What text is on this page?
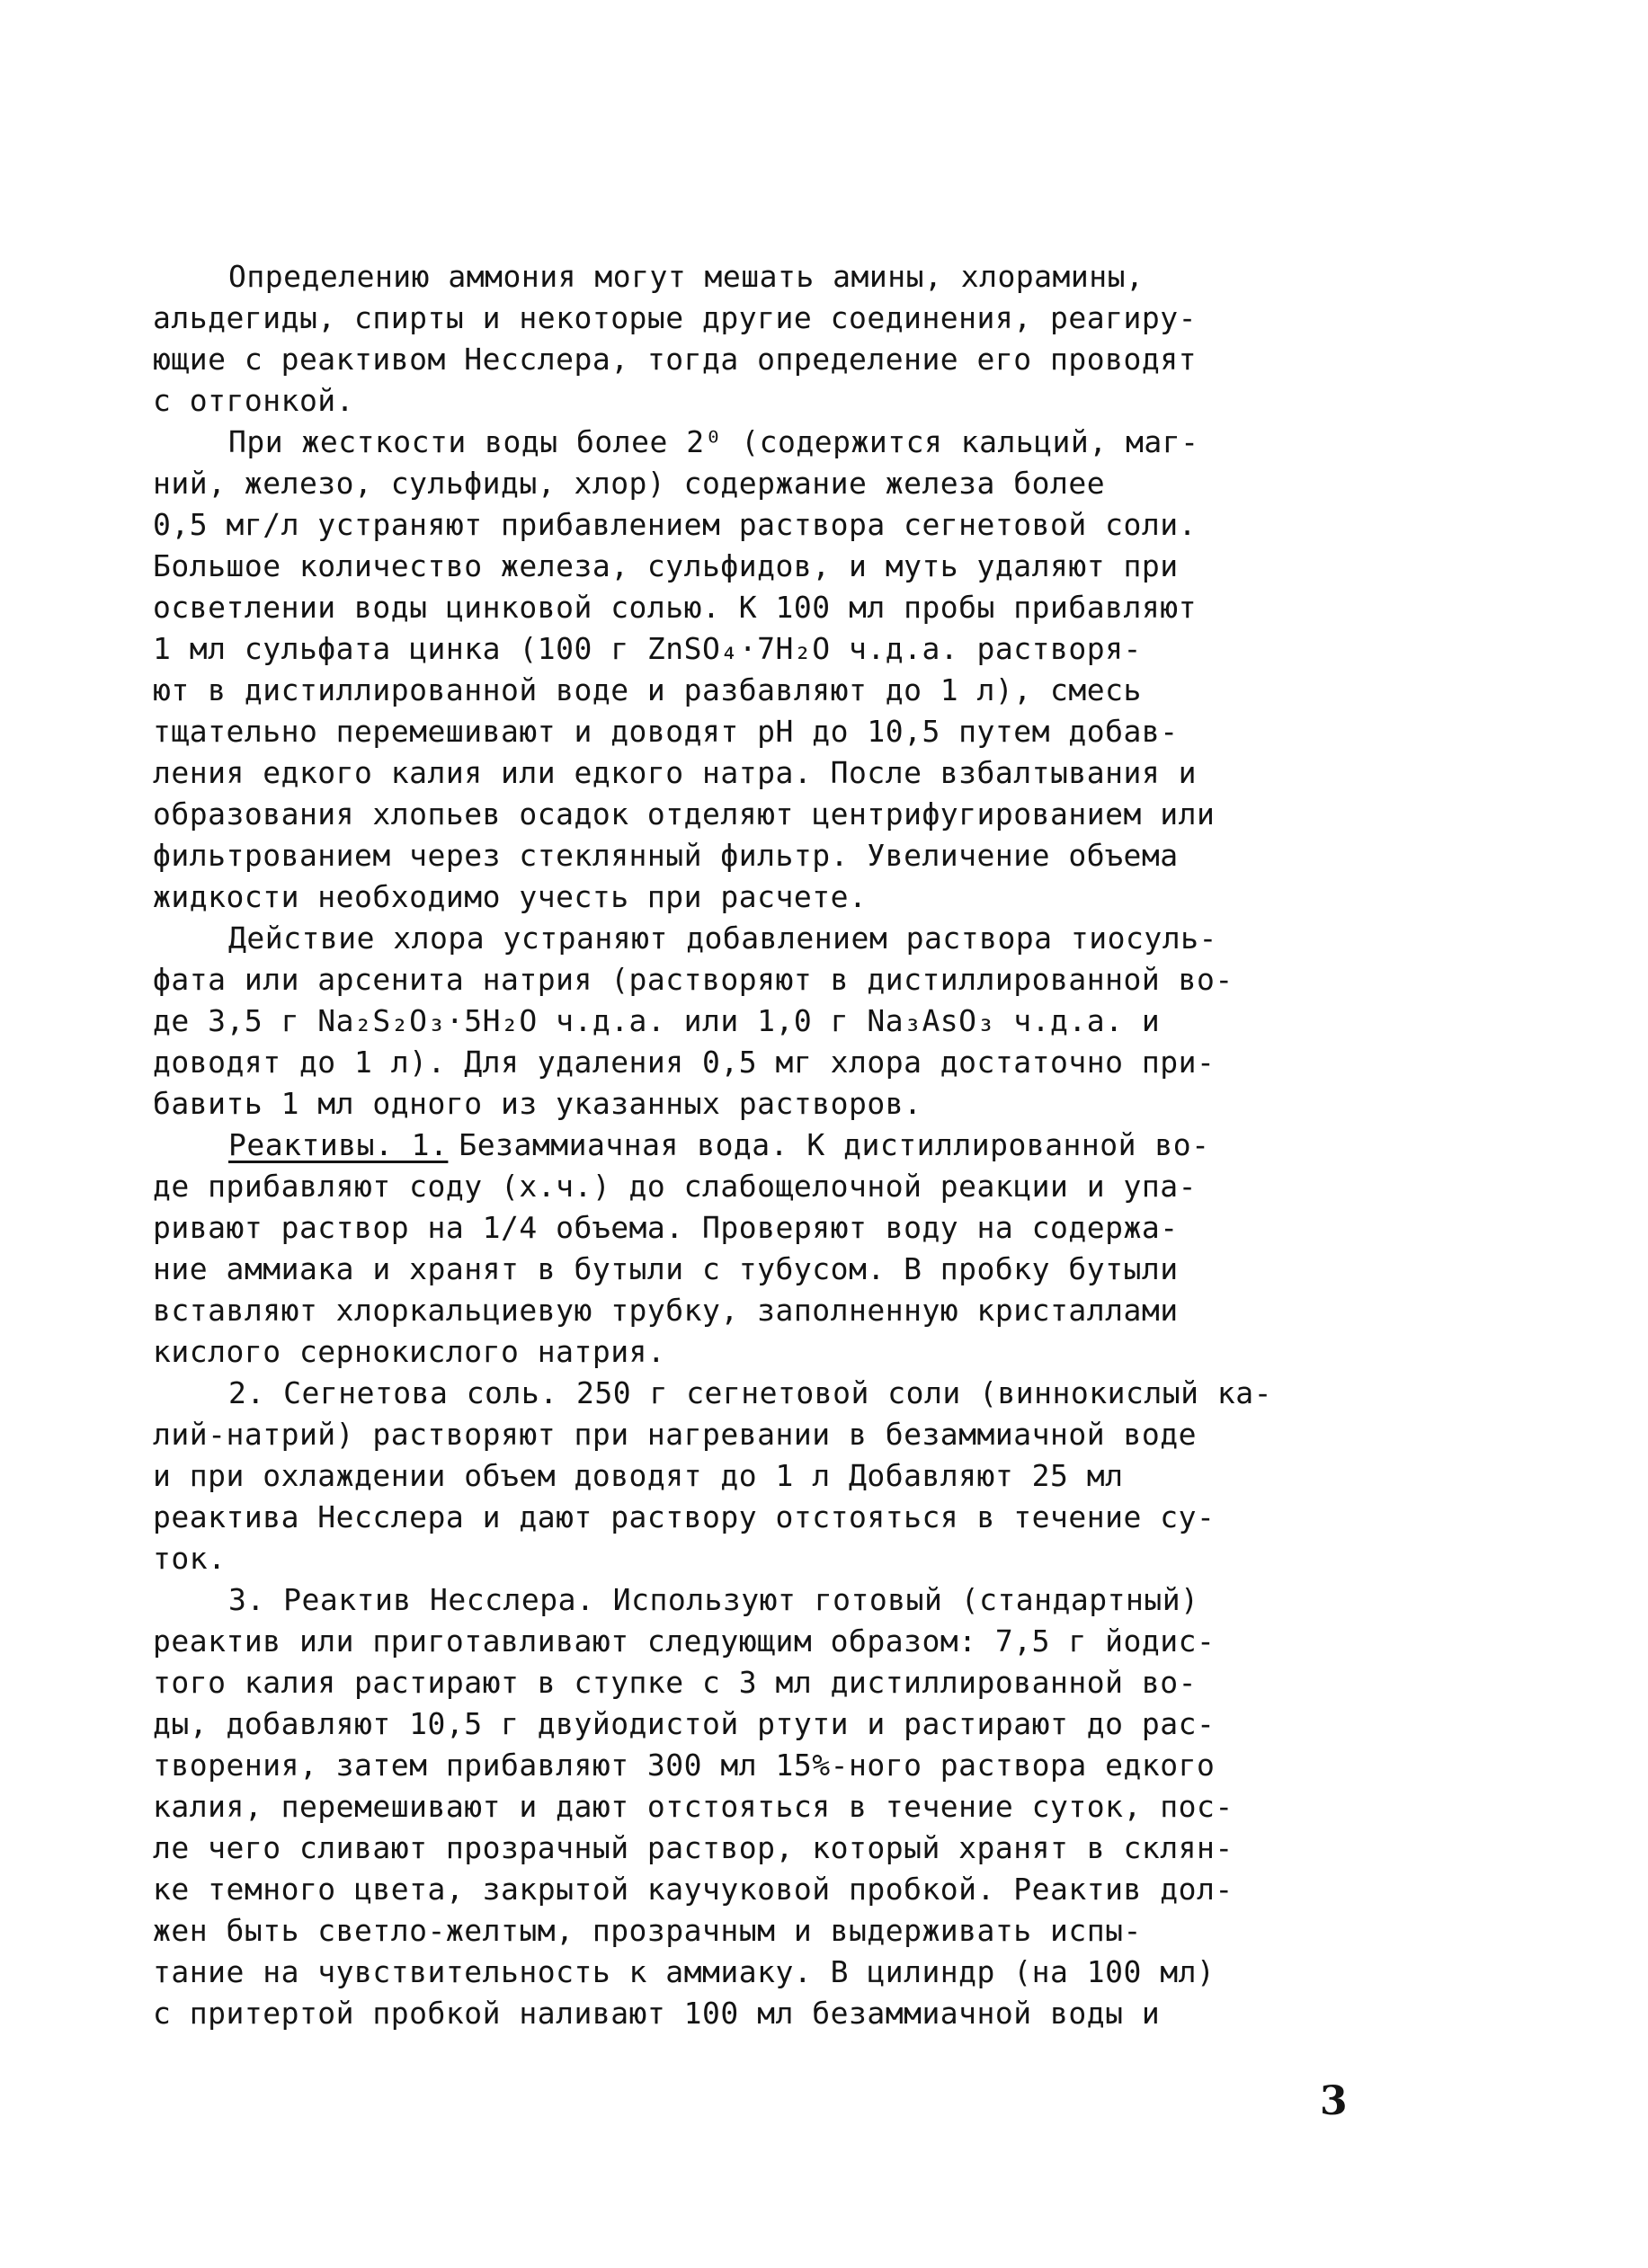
Определению аммония могут мешать амины, хлорамины,
альдегиды, спирты и некоторые другие соединения, реагиру-
ющие с реактивом Несслера, тогда определение его проводят
с отгонкой.
При жесткости воды более 2⁰ (содержится кальций, маг-
ний, железо, сульфиды, хлор) содержание железа более
0,5 мг/л устраняют прибавлением раствора сегнетовой соли.
Большое количество железа, сульфидов, и муть удаляют при
осветлении воды цинковой солью. К 100 мл пробы прибавляют
1 мл сульфата цинка (100 г ZnSO₄·7H₂O ч.д.а. растворя-
ют в дистиллированной воде и разбавляют до 1 л), смесь
тщательно перемешивают и доводят pH до 10,5 путем добав-
ления едкого калия или едкого натра. После взбалтывания и
образования хлопьев осадок отделяют центрифугированием или
фильтрованием через стеклянный фильтр. Увеличение объема
жидкости необходимо учесть при расчете.
Действие хлора устраняют добавлением раствора тиосуль-
фата или арсенита натрия (растворяют в дистиллированной во-
де 3,5 г Na₂S₂O₃·5H₂O ч.д.а. или 1,0 г Na₃AsO₃ ч.д.а. и
доводят до 1 л). Для удаления 0,5 мг хлора достаточно при-
бавить 1 мл одного из указанных растворов.
Реактивы. 1. Безаммиачная вода. К дистиллированной во-
де прибавляют соду (х.ч.) до слабощелочной реакции и упа-
ривают раствор на 1/4 объема. Проверяют воду на содержа-
ние аммиака и хранят в бутыли с тубусом. В пробку бутыли
вставляют хлоркальциевую трубку, заполненную кристаллами
кислого сернокислого натрия.
2. Сегнетова соль. 250 г сегнетовой соли (виннокислый ка-
лий-натрий) растворяют при нагревании в безаммиачной воде
и при охлаждении объем доводят до 1 л Добавляют 25 мл
реактива Несслера и дают раствору отстояться в течение су-
ток.
3. Реактив Несслера. Используют готовый (стандартный)
реактив или приготавливают следующим образом: 7,5 г йодис-
того калия растирают в ступке с 3 мл дистиллированной во-
ды, добавляют 10,5 г двуйодистой ртути и растирают до рас-
творения, затем прибавляют 300 мл 15%-ного раствора едкого
калия, перемешивают и дают отстояться в течение суток, пос-
ле чего сливают прозрачный раствор, который хранят в склян-
ке темного цвета, закрытой каучуковой пробкой. Реактив дол-
жен быть светло-желтым, прозрачным и выдерживать испы-
тание на чувствительность к аммиаку. В цилиндр (на 100 мл)
с притертой пробкой наливают 100 мл безаммиачной воды и
3
